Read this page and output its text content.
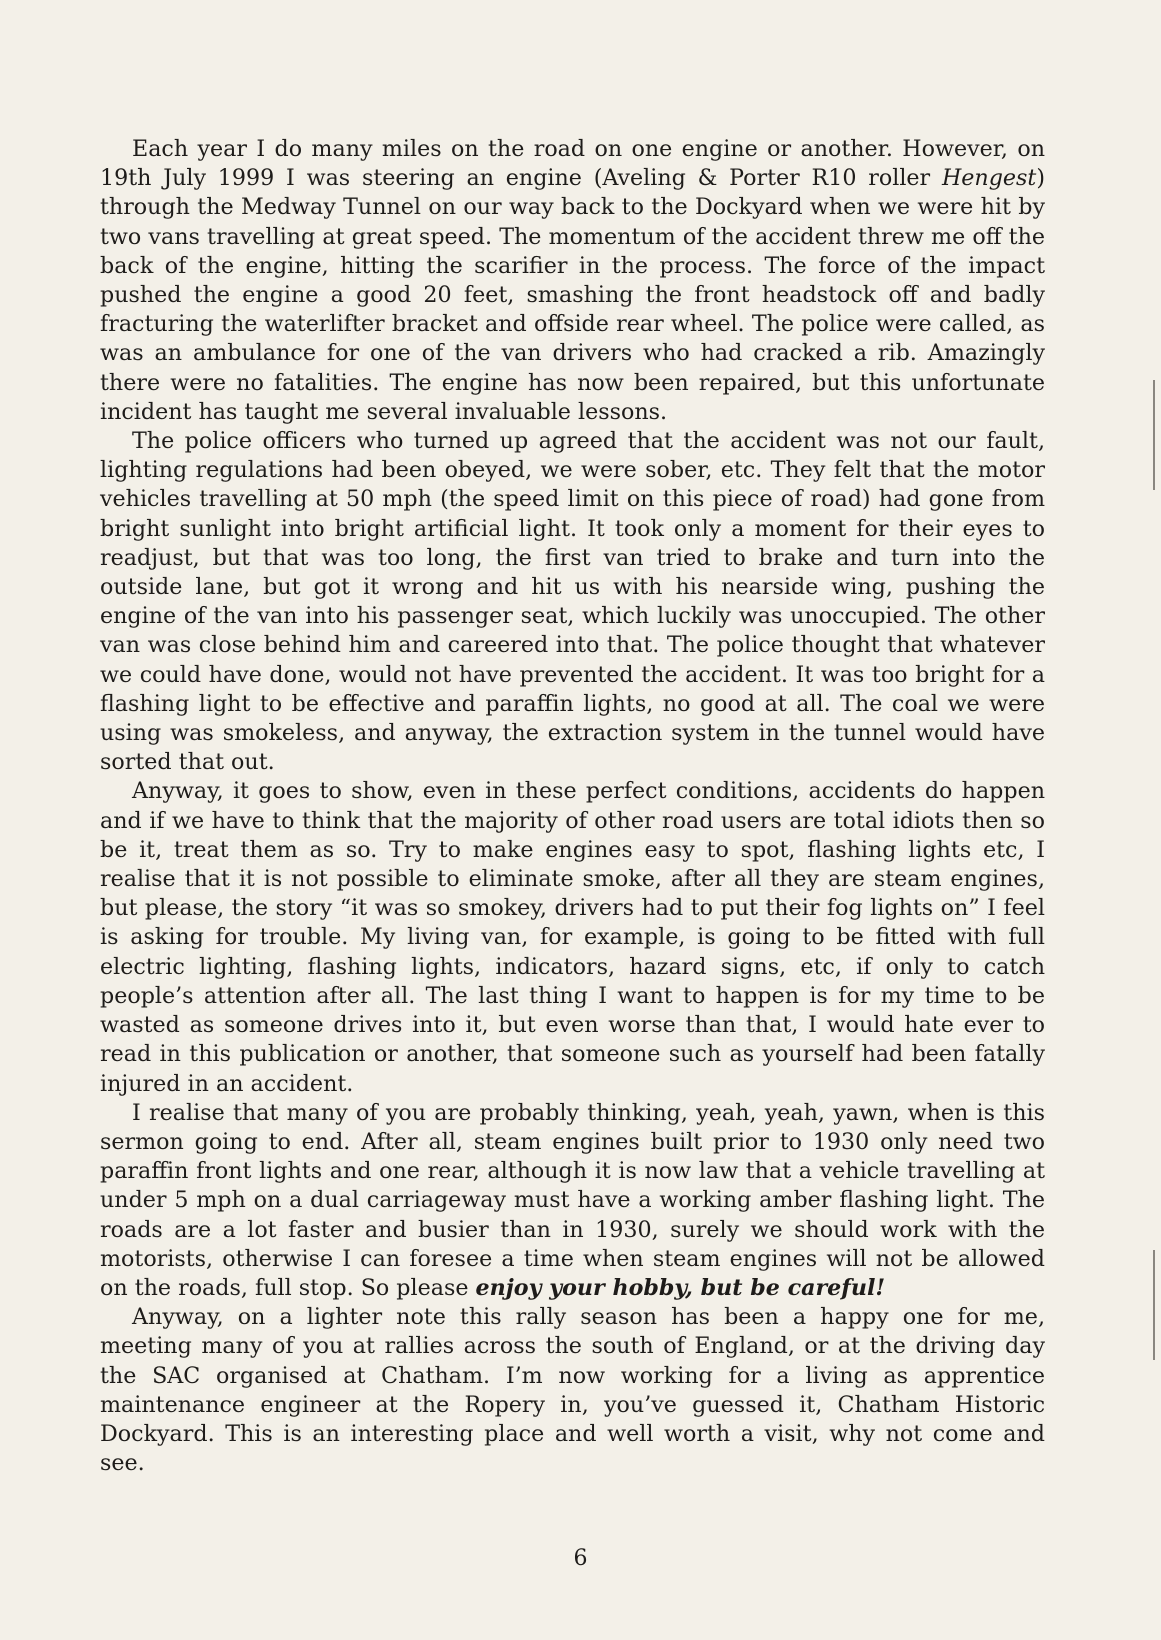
Each year I do many miles on the road on one engine or another. However, on 19th July 1999 I was steering an engine (Aveling & Porter R10 roller Hengest) through the Medway Tunnel on our way back to the Dockyard when we were hit by two vans travelling at great speed. The momentum of the accident threw me off the back of the engine, hitting the scarifier in the process. The force of the impact pushed the engine a good 20 feet, smashing the front headstock off and badly fracturing the waterlifter bracket and offside rear wheel. The police were called, as was an ambulance for one of the van drivers who had cracked a rib. Amazingly there were no fatalities. The engine has now been repaired, but this unfortunate incident has taught me several invaluable lessons.

The police officers who turned up agreed that the accident was not our fault, lighting regulations had been obeyed, we were sober, etc. They felt that the motor vehicles travelling at 50 mph (the speed limit on this piece of road) had gone from bright sunlight into bright artificial light. It took only a moment for their eyes to readjust, but that was too long, the first van tried to brake and turn into the outside lane, but got it wrong and hit us with his nearside wing, pushing the engine of the van into his passenger seat, which luckily was unoccupied. The other van was close behind him and careered into that. The police thought that whatever we could have done, would not have prevented the accident. It was too bright for a flashing light to be effective and paraffin lights, no good at all. The coal we were using was smokeless, and anyway, the extraction system in the tunnel would have sorted that out.

Anyway, it goes to show, even in these perfect conditions, accidents do happen and if we have to think that the majority of other road users are total idiots then so be it, treat them as so. Try to make engines easy to spot, flashing lights etc, I realise that it is not possible to eliminate smoke, after all they are steam engines, but please, the story “it was so smokey, drivers had to put their fog lights on” I feel is asking for trouble. My living van, for example, is going to be fitted with full electric lighting, flashing lights, indicators, hazard signs, etc, if only to catch people’s attention after all. The last thing I want to happen is for my time to be wasted as someone drives into it, but even worse than that, I would hate ever to read in this publication or another, that someone such as yourself had been fatally injured in an accident.

I realise that many of you are probably thinking, yeah, yeah, yawn, when is this sermon going to end. After all, steam engines built prior to 1930 only need two paraffin front lights and one rear, although it is now law that a vehicle travelling at under 5 mph on a dual carriageway must have a working amber flashing light. The roads are a lot faster and busier than in 1930, surely we should work with the motorists, otherwise I can foresee a time when steam engines will not be allowed on the roads, full stop. So please enjoy your hobby, but be careful!

Anyway, on a lighter note this rally season has been a happy one for me, meeting many of you at rallies across the south of England, or at the driving day the SAC organised at Chatham. I’m now working for a living as apprentice maintenance engineer at the Ropery in, you’ve guessed it, Chatham Historic Dockyard. This is an interesting place and well worth a visit, why not come and see.

6
